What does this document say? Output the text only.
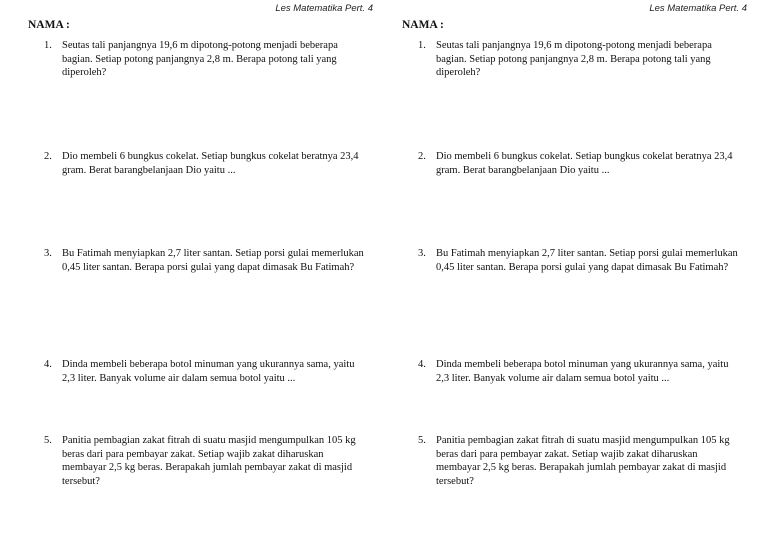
Les Matematika Pert. 4
NAMA :
1. Seutas tali panjangnya 19,6 m dipotong-potong menjadi beberapa bagian. Setiap potong panjangnya 2,8 m. Berapa potong tali yang diperoleh?
2. Dio membeli 6 bungkus cokelat. Setiap bungkus cokelat beratnya 23,4 gram. Berat barangbelanjaan Dio yaitu ...
3. Bu Fatimah menyiapkan 2,7 liter santan. Setiap porsi gulai memerlukan 0,45 liter santan. Berapa porsi gulai yang dapat dimasak Bu Fatimah?
4. Dinda membeli beberapa botol minuman yang ukurannya sama, yaitu 2,3 liter. Banyak volume air dalam semua botol yaitu ...
5. Panitia pembagian zakat fitrah di suatu masjid mengumpulkan 105 kg beras dari para pembayar zakat. Setiap wajib zakat diharuskan membayar 2,5 kg beras. Berapakah jumlah pembayar zakat di masjid tersebut?
Les Matematika Pert. 4
NAMA :
1. Seutas tali panjangnya 19,6 m dipotong-potong menjadi beberapa bagian. Setiap potong panjangnya 2,8 m. Berapa potong tali yang diperoleh?
2. Dio membeli 6 bungkus cokelat. Setiap bungkus cokelat beratnya 23,4 gram. Berat barangbelanjaan Dio yaitu ...
3. Bu Fatimah menyiapkan 2,7 liter santan. Setiap porsi gulai memerlukan 0,45 liter santan. Berapa porsi gulai yang dapat dimasak Bu Fatimah?
4. Dinda membeli beberapa botol minuman yang ukurannya sama, yaitu 2,3 liter. Banyak volume air dalam semua botol yaitu ...
5. Panitia pembagian zakat fitrah di suatu masjid mengumpulkan 105 kg beras dari para pembayar zakat. Setiap wajib zakat diharuskan membayar 2,5 kg beras. Berapakah jumlah pembayar zakat di masjid tersebut?
